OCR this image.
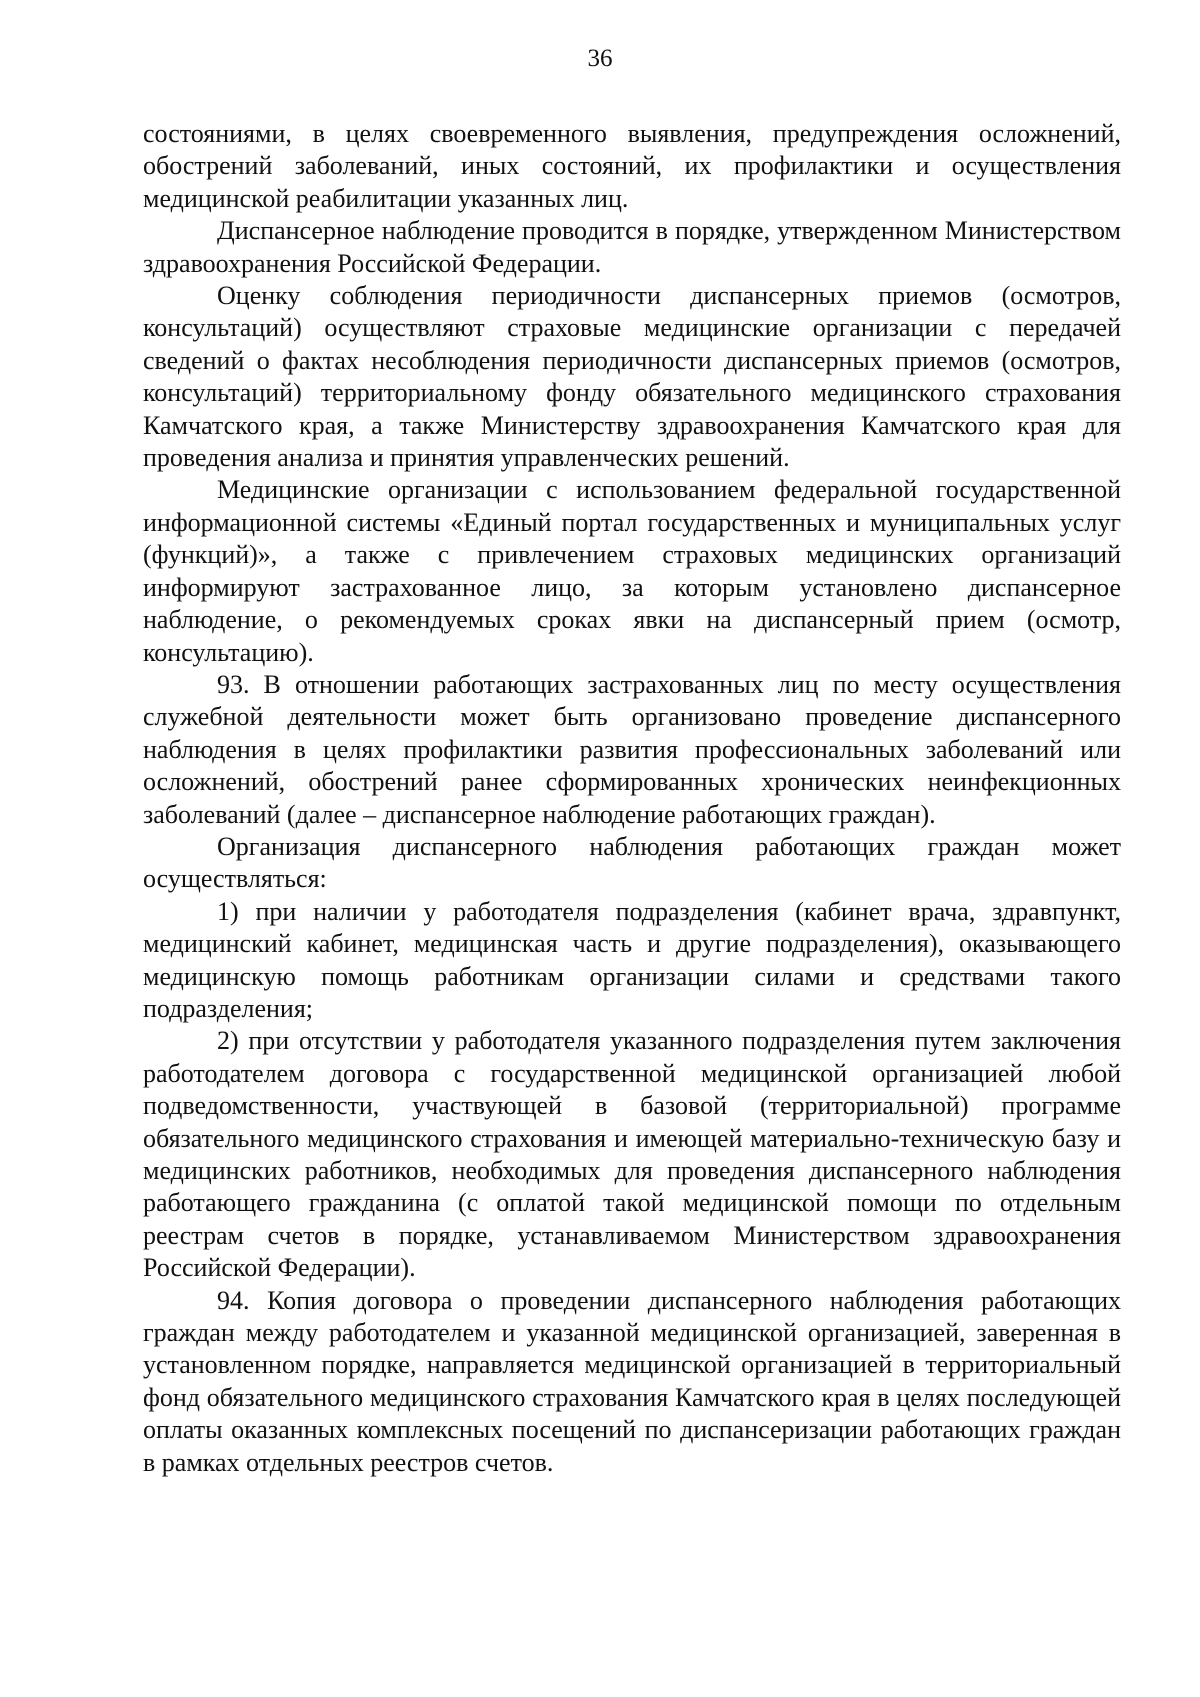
36

состояниями, в целях своевременного выявления, предупреждения осложнений, обострений заболеваний, иных состояний, их профилактики и осуществления медицинской реабилитации указанных лиц.

Диспансерное наблюдение проводится в порядке, утвержденном Министерством здравоохранения Российской Федерации.

Оценку соблюдения периодичности диспансерных приемов (осмотров, консультаций) осуществляют страховые медицинские организации с передачей сведений о фактах несоблюдения периодичности диспансерных приемов (осмотров, консультаций) территориальному фонду обязательного медицинского страхования Камчатского края, а также Министерству здравоохранения Камчатского края для проведения анализа и принятия управленческих решений.

Медицинские организации с использованием федеральной государственной информационной системы «Единый портал государственных и муниципальных услуг (функций)», а также с привлечением страховых медицинских организаций информируют застрахованное лицо, за которым установлено диспансерное наблюдение, о рекомендуемых сроках явки на диспансерный прием (осмотр, консультацию).

93. В отношении работающих застрахованных лиц по месту осуществления служебной деятельности может быть организовано проведение диспансерного наблюдения в целях профилактики развития профессиональных заболеваний или осложнений, обострений ранее сформированных хронических неинфекционных заболеваний (далее – диспансерное наблюдение работающих граждан).

Организация диспансерного наблюдения работающих граждан может осуществляться:

1) при наличии у работодателя подразделения (кабинет врача, здравпункт, медицинский кабинет, медицинская часть и другие подразделения), оказывающего медицинскую помощь работникам организации силами и средствами такого подразделения;

2) при отсутствии у работодателя указанного подразделения путем заключения работодателем договора с государственной медицинской организацией любой подведомственности, участвующей в базовой (территориальной) программе обязательного медицинского страхования и имеющей материально-техническую базу и медицинских работников, необходимых для проведения диспансерного наблюдения работающего гражданина (с оплатой такой медицинской помощи по отдельным реестрам счетов в порядке, устанавливаемом Министерством здравоохранения Российской Федерации).

94. Копия договора о проведении диспансерного наблюдения работающих граждан между работодателем и указанной медицинской организацией, заверенная в установленном порядке, направляется медицинской организацией в территориальный фонд обязательного медицинского страхования Камчатского края в целях последующей оплаты оказанных комплексных посещений по диспансеризации работающих граждан в рамках отдельных реестров счетов.
